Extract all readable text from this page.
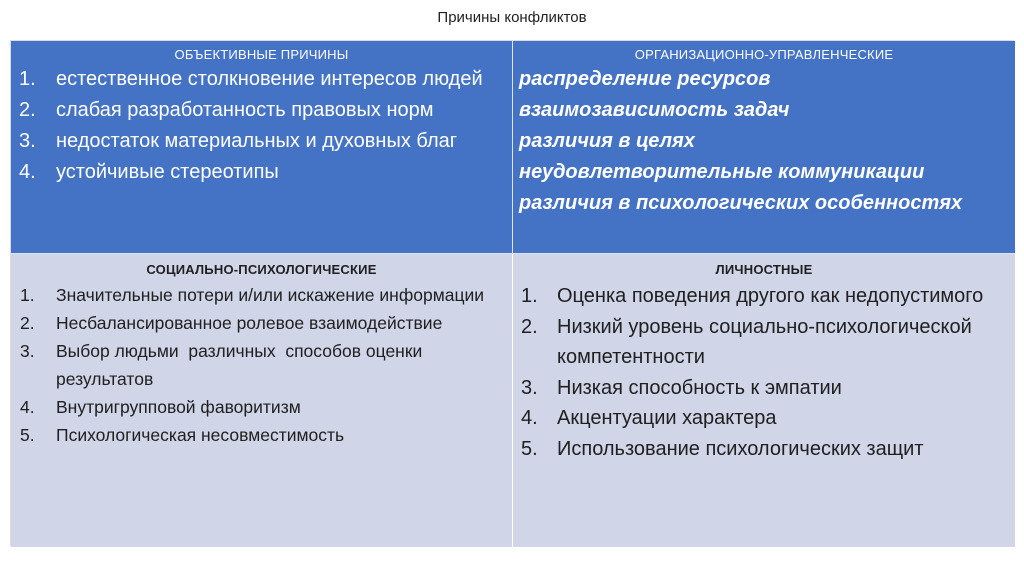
Причины конфликтов
ОБЪЕКТИВНЫЕ ПРИЧИНЫ
1.	естественное столкновение интересов людей
2.	слабая разработанность правовых норм
3.	недостаток материальных и духовных благ
4.	устойчивые стереотипы
ОРГАНИЗАЦИОННО-УПРАВЛЕНЧЕСКИЕ
распределение ресурсов
взаимозависимость задач
различия в целях
неудовлетворительные коммуникации
различия в психологических особенностях
СОЦИАЛЬНО-ПСИХОЛОГИЧЕСКИЕ
1.	Значительные потери и/или искажение информации
2.	Несбалансированное ролевое взаимодействие
3.	Выбор людьми  различных  способов оценки результатов
4.	Внутригрупповой фаворитизм
5.	Психологическая несовместимость
ЛИЧНОСТНЫЕ
1. Оценка поведения другого как недопустимого
2. Низкий уровень социально-психологической компетентности
3. Низкая способность к эмпатии
4. Акцентуации характера
5. Использование психологических защит
